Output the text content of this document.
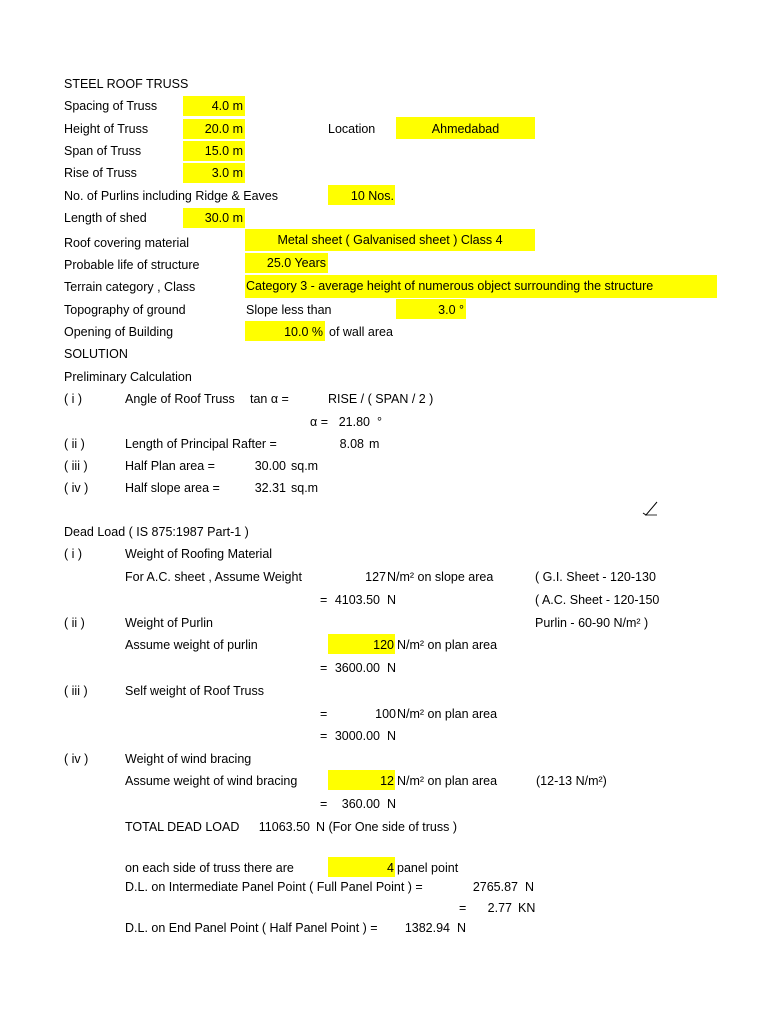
STEEL ROOF TRUSS
Spacing of Truss	4.0 m
Height of Truss	20.0 m	Location	Ahmedabad
Span of Truss	15.0 m
Rise of Truss	3.0 m
No. of Purlins including Ridge & Eaves	10 Nos.
Length of shed	30.0 m
Roof covering material	Metal sheet ( Galvanised sheet ) Class 4
Probable life of structure	25.0 Years
Terrain category , Class	Category 3 - average height of numerous object surrounding the structure
Topography of ground	Slope less than	3.0 °
Opening of Building	10.0 % of wall area
SOLUTION
Preliminary Calculation
( i )	Angle of Roof Truss tan α =	RISE / ( SPAN / 2 )
α = 21.80 °
( ii )	Length of Principal Rafter =	8.08 m
( iii )	Half Plan area =	30.00 sq.m
( iv )	Half slope area =	32.31 sq.m
Dead Load ( IS 875:1987 Part-1 )
( i )	Weight of Roofing Material
For A.C. sheet , Assume Weight	127 N/m² on slope area	( G.I. Sheet - 120-130
= 4103.50 N	( A.C. Sheet - 120-150
( ii )	Weight of Purlin	Purlin - 60-90 N/m² )
Assume weight of purlin	120 N/m² on plan area
= 3600.00 N
( iii )	Self weight of Roof Truss
=	100 N/m² on plan area
= 3000.00 N
( iv )	Weight of wind bracing
Assume weight of wind bracing	12 N/m² on plan area	(12-13 N/m²)
=	360.00 N
TOTAL DEAD LOAD	11063.50 N (For One side of truss )
on each side of truss there are	4 panel point
D.L. on Intermediate Panel Point ( Full Panel Point ) =	2765.87 N
=	2.77 KN
D.L. on End Panel Point ( Half Panel Point ) =	1382.94 N
